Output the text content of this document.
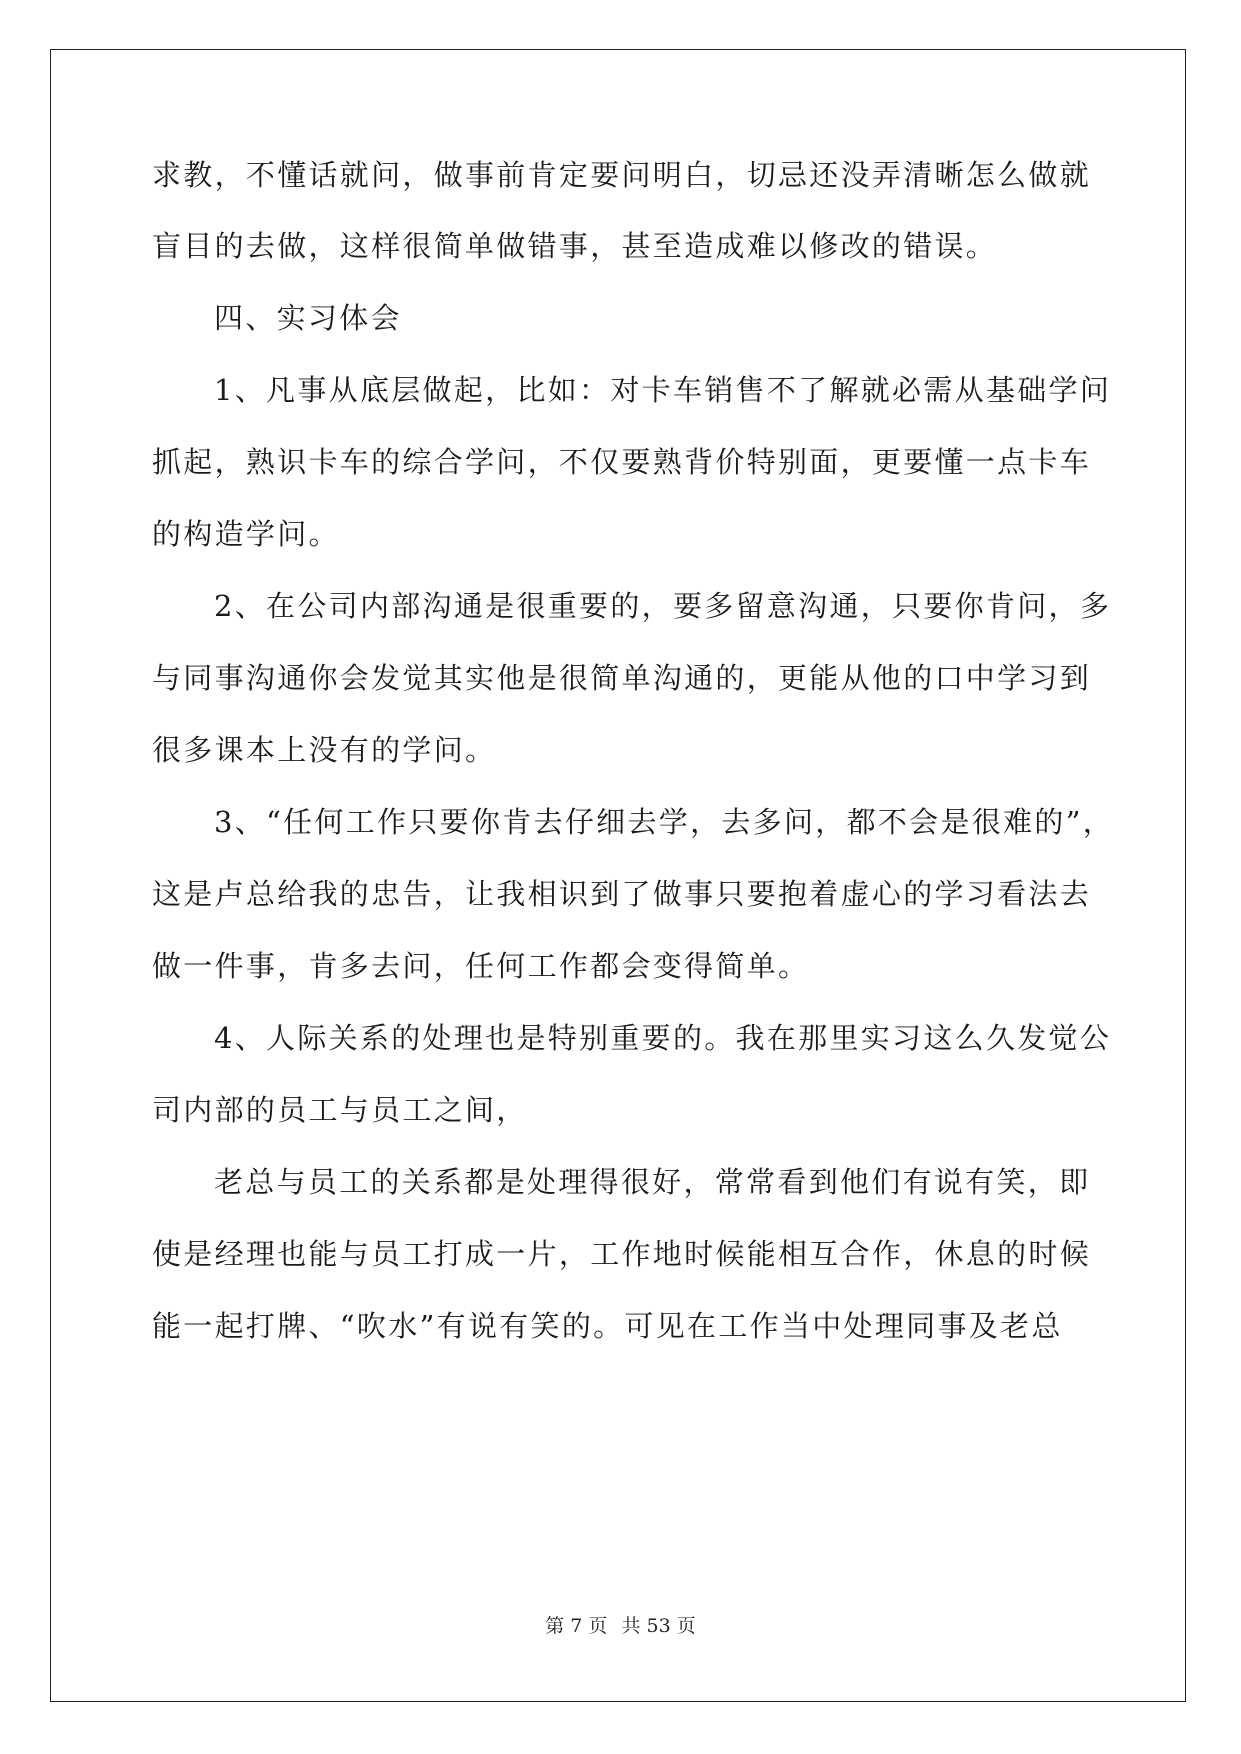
求教，不懂话就问，做事前肯定要问明白，切忌还没弄清晰怎么做就
盲目的去做，这样很简单做错事，甚至造成难以修改的错误。
四、实习体会
1、凡事从底层做起，比如：对卡车销售不了解就必需从基础学问
抓起，熟识卡车的综合学问，不仅要熟背价特别面，更要懂一点卡车
的构造学问。
2、在公司内部沟通是很重要的，要多留意沟通，只要你肯问，多
与同事沟通你会发觉其实他是很简单沟通的，更能从他的口中学习到
很多课本上没有的学问。
3、“任何工作只要你肯去仔细去学，去多问，都不会是很难的”，
这是卢总给我的忠告，让我相识到了做事只要抱着虚心的学习看法去
做一件事，肯多去问，任何工作都会变得简单。
4、人际关系的处理也是特别重要的。我在那里实习这么久发觉公
司内部的员工与员工之间，
老总与员工的关系都是处理得很好，常常看到他们有说有笑，即
使是经理也能与员工打成一片，工作地时候能相互合作，休息的时候
能一起打牌、“吹水”有说有笑的。可见在工作当中处理同事及老总
第 7 页 共 53 页
